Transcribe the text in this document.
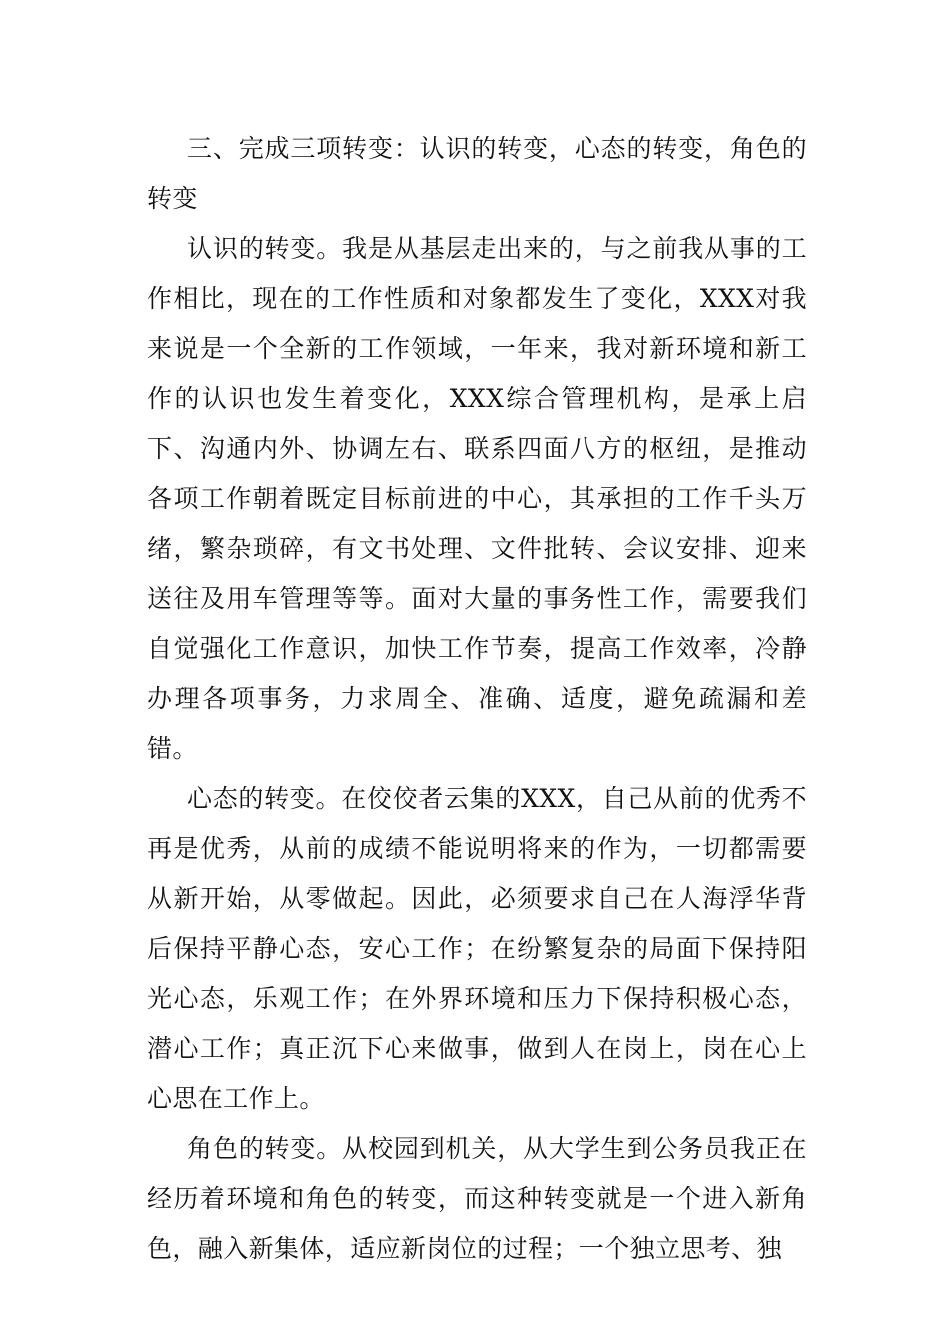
三、完成三项转变：认识的转变，心态的转变，角色的转变

认识的转变。我是从基层走出来的，与之前我从事的工作相比，现在的工作性质和对象都发生了变化，XXX对我来说是一个全新的工作领域，一年来，我对新环境和新工作的认识也发生着变化，XXX综合管理机构，是承上启下、沟通内外、协调左右、联系四面八方的枢纽，是推动各项工作朝着既定目标前进的中心，其承担的工作千头万绪，繁杂琐碎，有文书处理、文件批转、会议安排、迎来送往及用车管理等等。面对大量的事务性工作，需要我们自觉强化工作意识，加快工作节奏，提高工作效率，冷静办理各项事务，力求周全、准确、适度，避免疏漏和差错。

心态的转变。在佼佼者云集的XXX，自己从前的优秀不再是优秀，从前的成绩不能说明将来的作为，一切都需要从新开始，从零做起。因此，必须要求自己在人海浮华背后保持平静心态，安心工作；在纷繁复杂的局面下保持阳光心态，乐观工作；在外界环境和压力下保持积极心态，潜心工作；真正沉下心来做事，做到人在岗上，岗在心上心思在工作上。

角色的转变。从校园到机关，从大学生到公务员我正在经历着环境和角色的转变，而这种转变就是一个进入新角色，融入新集体，适应新岗位的过程；一个独立思考、独
